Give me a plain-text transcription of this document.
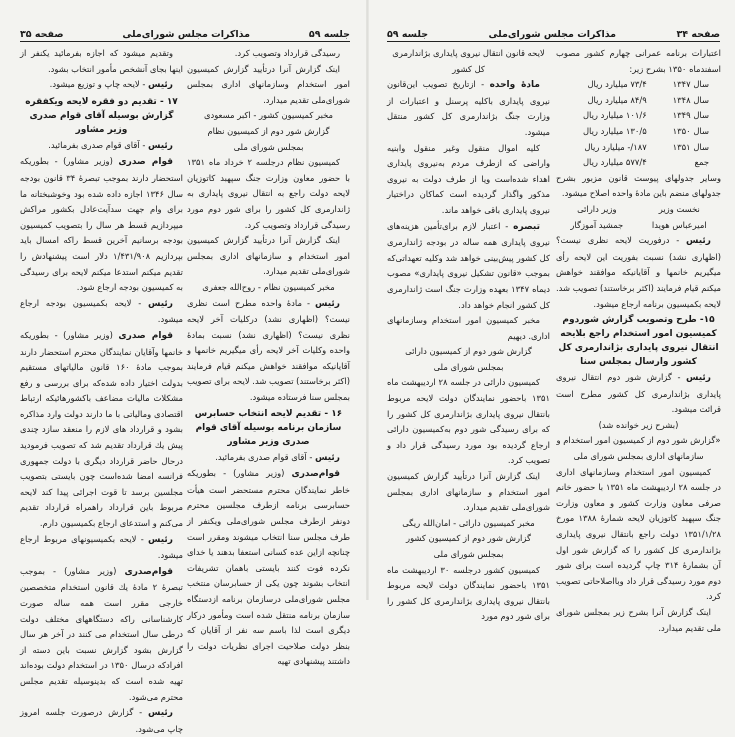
صفحه ۳۵	مذاکرات مجلس شورای‌ملی	جلسه ۵۹

رسیدگی قرارداد وتصویب کرد.

اینک گزارش آنرا درتأیید گزارش کمیسیون امور استخدام وسازمانهای اداری بمجلس شورای‌ملی تقدیم میدارد.

مخبر کمیسیون کشور - اکبر مسعودی

گزارش شور دوم از کمیسیون نظام

بمجلس شورای ملی

کمیسیون نظام درجلسه ۲ خرداد ماه ۱۳۵۱ با حضور معاون وزارت جنگ سپهبد کاتوزیان لایحه دولت راجع به انتقال نیروی پایداری به ژاندارمری کل کشور را برای شور دوم مورد رسیدگی قرارداد وتصویب کرد.

اینک گزارش آنرا درتأیید گزارش کمیسیون امور استخدام و سازمانهای اداری بمجلس شورای‌ملی تقدیم میدارد.

مخبر کمیسیون نظام - روح‌الله جعفری

رئیس - مادهٔ واحده مطرح است نظری نیست؟ (اظهاری نشد) درکلیات آخر لایحه نظری نیست؟ (اظهاری نشد) نسبت بمادهٔ واحده وکلیات آخر لایحه رأی میگیریم خانمها و آقایانیکه موافقند خواهش میکنم قیام فرمایند (اکثر برخاستند) تصویب شد. لایحه برای تصویب بمجلس سنا فرستاده میشود.

۱۶ - تقدیم لایحه انتخاب حسابرس سازمان برنامه بوسیله آقای قوام صدری وزیر مشاور

رئیس - آقای قوام صدری بفرمائید.

قوام‌صدری (وزیر مشاور) - بطوریکه خاطر نمایندگان محترم مستحضر است هیأت حسابرسی برنامه ازطرف مجلسین محترم دونفر ازطرف مجلس شورای‌ملی ویکنفر از طرف مجلس سنا انتخاب میشوند ومقرر است چنانچه ازاین عده کسانی استعفا بدهند یا خدای نکرده فوت کنند بایستی باهمان تشریفات انتخاب بشوند چون یکی از حسابرسان منتخب مجلس شورای‌ملی درسازمان برنامه ازدستگاه سازمان برنامه منتقل شده است ومأمور درکار دیگری است لذا باسم سه نفر از آقایان که بنظر دولت صلاحیت اجرای نظریات دولت را داشتند پیشنهادی تهیه

وتقدیم میشود که اجازه بفرمائید یکنفر از اینها بجای آنشخص مأمور انتخاب بشود.

رئیس - لایحه چاپ و توزیع میشود.

۱۷ - تقدیم دو فقره لایحه ویکفقره گزارش بوسیله آقای قوام صدری وزیر مشاور

رئیس - آقای قوام صدری بفرمائید.

قوام صدری (وزیر مشاور) - بطوریکه استحضار دارند بموجب تبصرهٔ ۳۴ قانون بودجه سال ۱۳۴۶ اجازه داده شده بود وخوشبختانه ما برای وام جهت سدآیت‌عادل بکشور مراکش میپردازیم قسط هر سال را بتصویب کمیسیون بودجه برسانیم آخرین قسط راکه امسال باید بپردازیم ۱/۴۳۱/۹۰۸ دلار است پیشنهادش را تقدیم میکنم استدعا میکنم لایحه برای رسیدگی به کمیسیون بودجه ارجاع شود.

رئیس - لایحه بکمیسیون بودجه ارجاع میشود.

قوام صدری (وزیر مشاور) - بطوریکه خانمها وآقایان نمایندگان محترم استحضار دارند بموجب مادهٔ ۱۶۰ قانون مالیاتهای مستقیم بدولت اختیار داده شده‌که برای بررسی و رفع مشکلات مالیات مضاعف باکشورهائیکه ارتباط اقتصادی ومالیاتی با ما دارند دولت وارد مذاکره بشود و قرارداد های لازم را منعقد سازد چندی پیش یك قرارداد تقدیم شد که تصویب فرمودید درحال حاضر قرارداد دیگری با دولت جمهوری فرانسه امضا شده‌است چون بایستی بتصویب مجلسین برسد تا قوت اجرائی پیدا کند لایحه مربوط باین قرارداد راهمراه قرارداد تقدیم می‌کنم و استدعای ارجاع بکمیسیون دارم.

رئیس - لایحه بکمیسیونهای مربوط ارجاع میشود.

قوام‌صدری (وزیر مشاور) - بموجب تبصرهٔ ۲ مادهٔ یك قانون استخدام متخصصین خارجی مقرر است همه ساله صورت کارشناسانی راکه دستگاههای مختلف دولت درطی سال استخدام می کنند در آخر هر سال گزارش بشود گزارش نسبت باین دسته از افرادکه درسال ۱۳۵۰ در استخدام دولت بوده‌اند تهیه شده است که بدینوسیله تقدیم مجلس محترم می‌شود.

رئیس - گزارش درصورت جلسه امروز چاپ می‌شود.

جلسه ۵۹	مذاکرات مجلس شورای‌ملی	صفحه ۳۴

اعتبارات برنامه عمرانی چهارم کشور مصوب اسفندماه ۱۳۵۰ بشرح زیر:

سال ۱۳۴۷	۷۳/۴ میلیارد ریال
سال ۱۳۴۸	۸۴/۹ میلیارد ریال
سال ۱۳۴۹	۱۰۱/۶ میلیارد ریال
سال ۱۳۵۰	۱۳۰/۵ میلیارد ریال
سال ۱۳۵۱	۱۸۷/- میلیارد ریال
جمع	۵۷۷/۴ میلیارد ریال

وسایر جدولهای پیوست قانون مزبور بشرح جدولهای منضم باین مادهٔ واحده اصلاح میشود.

نخست وزیر

امیرعباس هویدا

وزیر دارائی

جمشید آموزگار

رئیس - درفوریت لایحه نظری نیست؟ (اظهاری نشد) نسبت بفوریت این لایحه رأی میگیریم خانمها و آقایانیکه موافقند خواهش میکنم قیام فرمایند (اکثر برخاستند) تصویب شد. لایحه بکمیسیون برنامه ارجاع میشود.

۱۵- طرح وتصویب گزارش شوردوم کمیسیون امور استخدام راجع بلایحه انتقال نیروی پایداری بژاندارمری کل کشور وارسال بمجلس سنا

رئیس - گزارش شور دوم انتقال نیروی پایداری بژاندارمری کل کشور مطرح است قرائت میشود.

(بشرح زیر خوانده شد)

«گزارش شور دوم از کمیسیون امور استخدام و سازمانهای اداری بمجلس شورای ملی

کمیسیون امور استخدام وسازمانهای اداری در جلسه ۲۸ اردیبهشت ماه ۱۳۵۱ با حضور خانم صرفی معاون وزارت کشور و معاون وزارت جنگ سپهبد کاتوزیان لایحه شمارهٔ ۱۳۸۸ مورخ ۱۳۵۱/۱/۲۸ دولت راجع بانتقال نیروی پایداری بژاندارمری کل کشور را که گزارش شور اول آن بشمارهٔ ۳۱۴ چاپ گردیده است برای شور دوم مورد رسیدگی قرار داد وبااصلاحاتی تصویب کرد.

اینک گزارش آنرا بشرح زیر بمجلس شورای ملی تقدیم میدارد.

لایحه قانون انتقال نیروی پایداری بژاندارمری کل کشور

مادهٔ واحده - ازتاریخ تصویب این‌قانون نیروی پایداری باکلیه پرسنل و اعتبارات از وزارت جنگ بژاندارمری کل کشور منتقل میشود.

کلیه اموال منقول وغیر منقول وابنیه واراضی که ازطرف مردم به‌نیروی پایداری اهداء شده‌است ویا از طرف دولت به نیروی مذکور واگذار گردیده است کماکان دراختیار نیروی پایداری باقی خواهد ماند.

تبصره - اعتبار لازم برای‌تأمین هزینه‌های نیروی پایداری همه ساله در بودجه ژاندارمری کل کشور پیش‌بینی خواهد شد وکلیه تعهداتی‌که بموجب «قانون تشکیل نیروی پایداری» مصوب دیماه ۱۳۴۷ بعهده وزارت جنگ است ژاندارمری کل کشور انجام خواهد داد.

مخبر کمیسیون امور استخدام وسازمانهای اداری. دیهیم

گزارش شور دوم از کمیسیون دارائی

بمجلس شورای ملی

کمیسیون دارائی در جلسه ۲۸ اردیبهشت ماه ۱۳۵۱ باحضور نمایندگان دولت لایحه مربوط بانتقال نیروی پایداری بژاندارمری کل کشور را که برای رسیدگی شور دوم به‌کمیسیون دارائی ارجاع گردیده بود مورد رسیدگی قرار داد و تصویب کرد.

اینک گزارش آنرا درتأیید گزارش کمیسیون امور استخدام و سازمانهای اداری بمجلس شورای‌ملی تقدیم میدارد.

مخبر کمیسیون دارائی - امان‌الله ریگی

گزارش شور دوم از کمیسیون کشور

بمجلس شورای ملی

کمیسیون کشور درجلسه ۳۰ اردیبهشت ماه ۱۳۵۱ باحضور نمایندگان دولت لایحه مربوط بانتقال نیروی پایداری بژاندارمری کل کشور را برای شور دوم مورد
